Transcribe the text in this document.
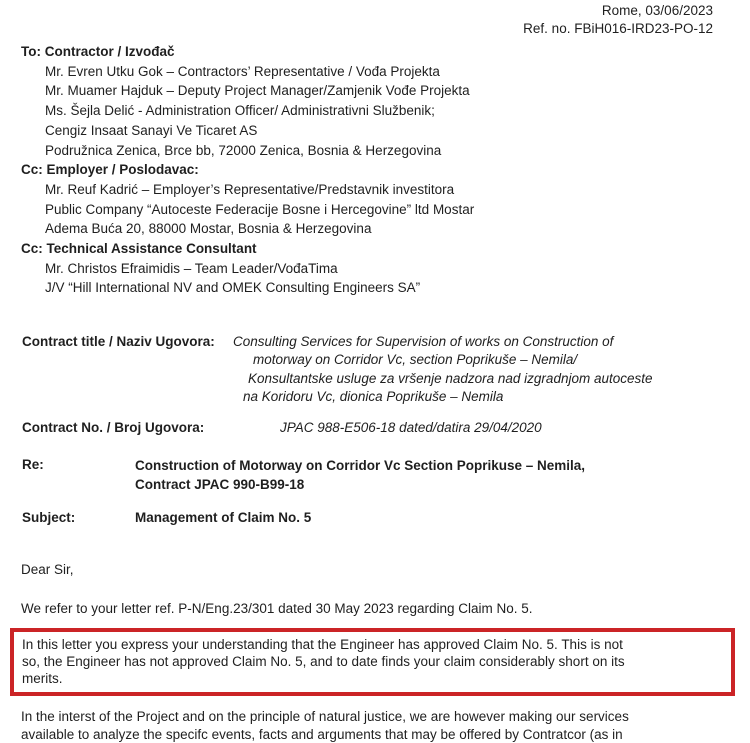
Rome, 03/06/2023
Ref. no. FBiH016-IRD23-PO-12
To: Contractor / Izvođač
Mr. Evren Utku Gok – Contractors’ Representative / Vođa Projekta
Mr. Muamer Hajduk – Deputy Project Manager/Zamjenik Vođe Projekta
Ms. Šejla Delić - Administration Officer/ Administrativni Službenik;
Cengiz Insaat Sanayi Ve Ticaret AS
Podružnica Zenica, Brce bb, 72000 Zenica, Bosnia & Herzegovina
Cc: Employer / Poslodavac:
Mr. Reuf Kadrić – Employer’s Representative/Predstavnik investitora
Public Company “Autoceste Federacije Bosne i Hercegovine” ltd Mostar
Adema Buća 20, 88000 Mostar, Bosnia & Herzegovina
Cc: Technical Assistance Consultant
Mr. Christos Efraimidis – Team Leader/VođaTima
J/V “Hill International NV and OMEK Consulting Engineers SA”
Contract title / Naziv Ugovora: Consulting Services for Supervision of works on Construction of
motorway on Corridor Vc, section Poprikuše – Nemila/
Konsultantske usluge za vršenje nadzora nad izgradnjom autoceste
na Koridoru Vc, dionica Poprikuše – Nemila
Contract No. / Broj Ugovora:	JPAC 988-E506-18 dated/datira 29/04/2020
Re:	Construction of Motorway on Corridor Vc Section Poprikuse – Nemila,
Contract JPAC 990-B99-18
Subject:	Management of Claim No. 5
Dear Sir,
We refer to your letter ref. P-N/Eng.23/301 dated 30 May 2023 regarding Claim No. 5.
In this letter you express your understanding that the Engineer has approved Claim No. 5. This is not
so, the Engineer has not approved Claim No. 5, and to date finds your claim considerably short on its
merits.
In the interst of the Project and on the principle of natural justice, we are however making our services
available to analyze the specifc events, facts and arguments that may be offered by Contratcor (as in
